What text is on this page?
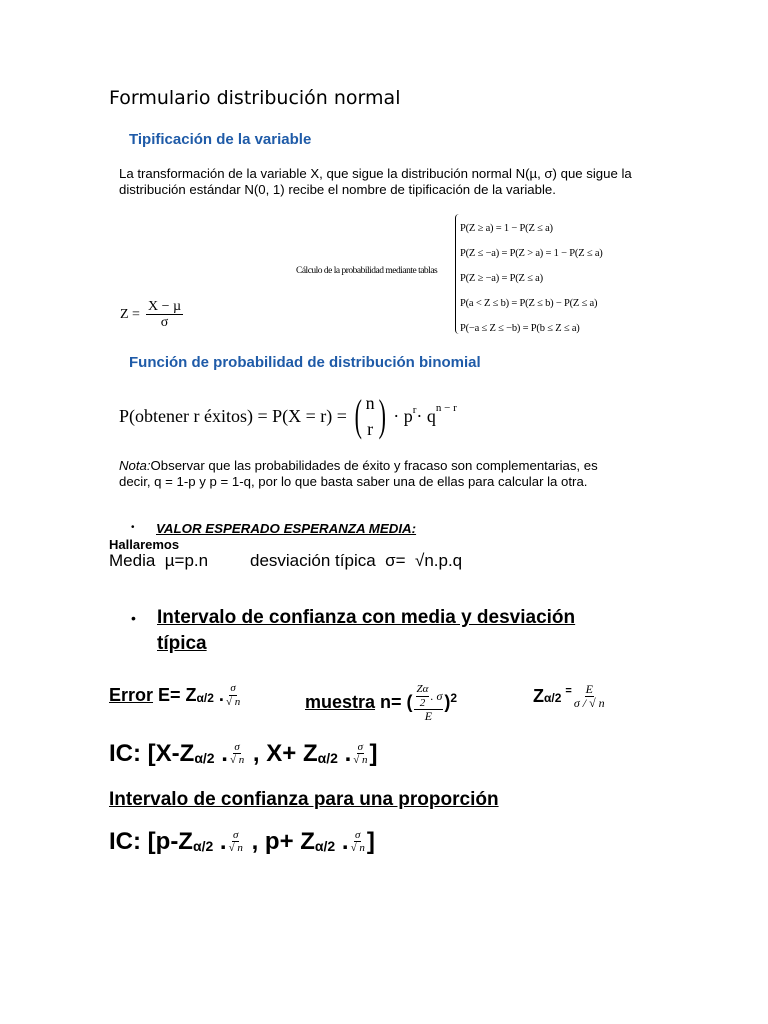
Formulario distribución normal
Tipificación de la variable
La transformación de la variable X, que sigue la distribución normal N(µ, σ) que sigue la
distribución estándar N(0, 1) recibe el nombre de tipificación de la variable.
$Z = \frac{\text{X − µ}}{\sigma}$
Cálculo de la probabilidad mediante tablas
P(Z ≥ a) = 1 − P(Z ≤ a)
P(Z ≤ −a) = P(Z > a) = 1 − P(Z ≤ a)
P(Z ≥ −a) = P(Z ≤ a)
P(a < Z ≤ b) = P(Z ≤ b) − P(Z ≤ a)
P(−a ≤ Z ≤ −b) = P(b ≤ Z ≤ a)
Función de probabilidad de distribución binomial
P(obtener r éxitos) = P(X = r) = ( n
r ) · $p^r \cdot q^{n - r}$
Nota:Observar que las probabilidades de éxito y fracaso son complementarias, es
decir, q = 1-p y p = 1-q, por lo que basta saber una de ellas para calcular la otra.
• VALOR ESPERADO ESPERANZA MEDIA:
Hallaremos
Media  µ=p.n desviación típica  σ=  √n.p.q
• Intervalo de confianza con media y desviación
típica
Error E= Z α/2 . $\frac{\sigma}{√ n}$	muestra n= ( $\frac{\frac{Z\alpha}{2} . \sigma}{E} )^2$	Z $\alpha/2 = \frac{E}{\sigma / √ n}$
IC: [X-Z α/2 . $\frac{\sigma}{√ n}$ , X+ Z α/2 . $\frac{\sigma}{√ n}$ ]
Intervalo de confianza para una proporción
IC: [p-Z α/2 . $\frac{\sigma}{√ n}$ , p+ Z α/2 . $\frac{\sigma}{√ n}$ ]
